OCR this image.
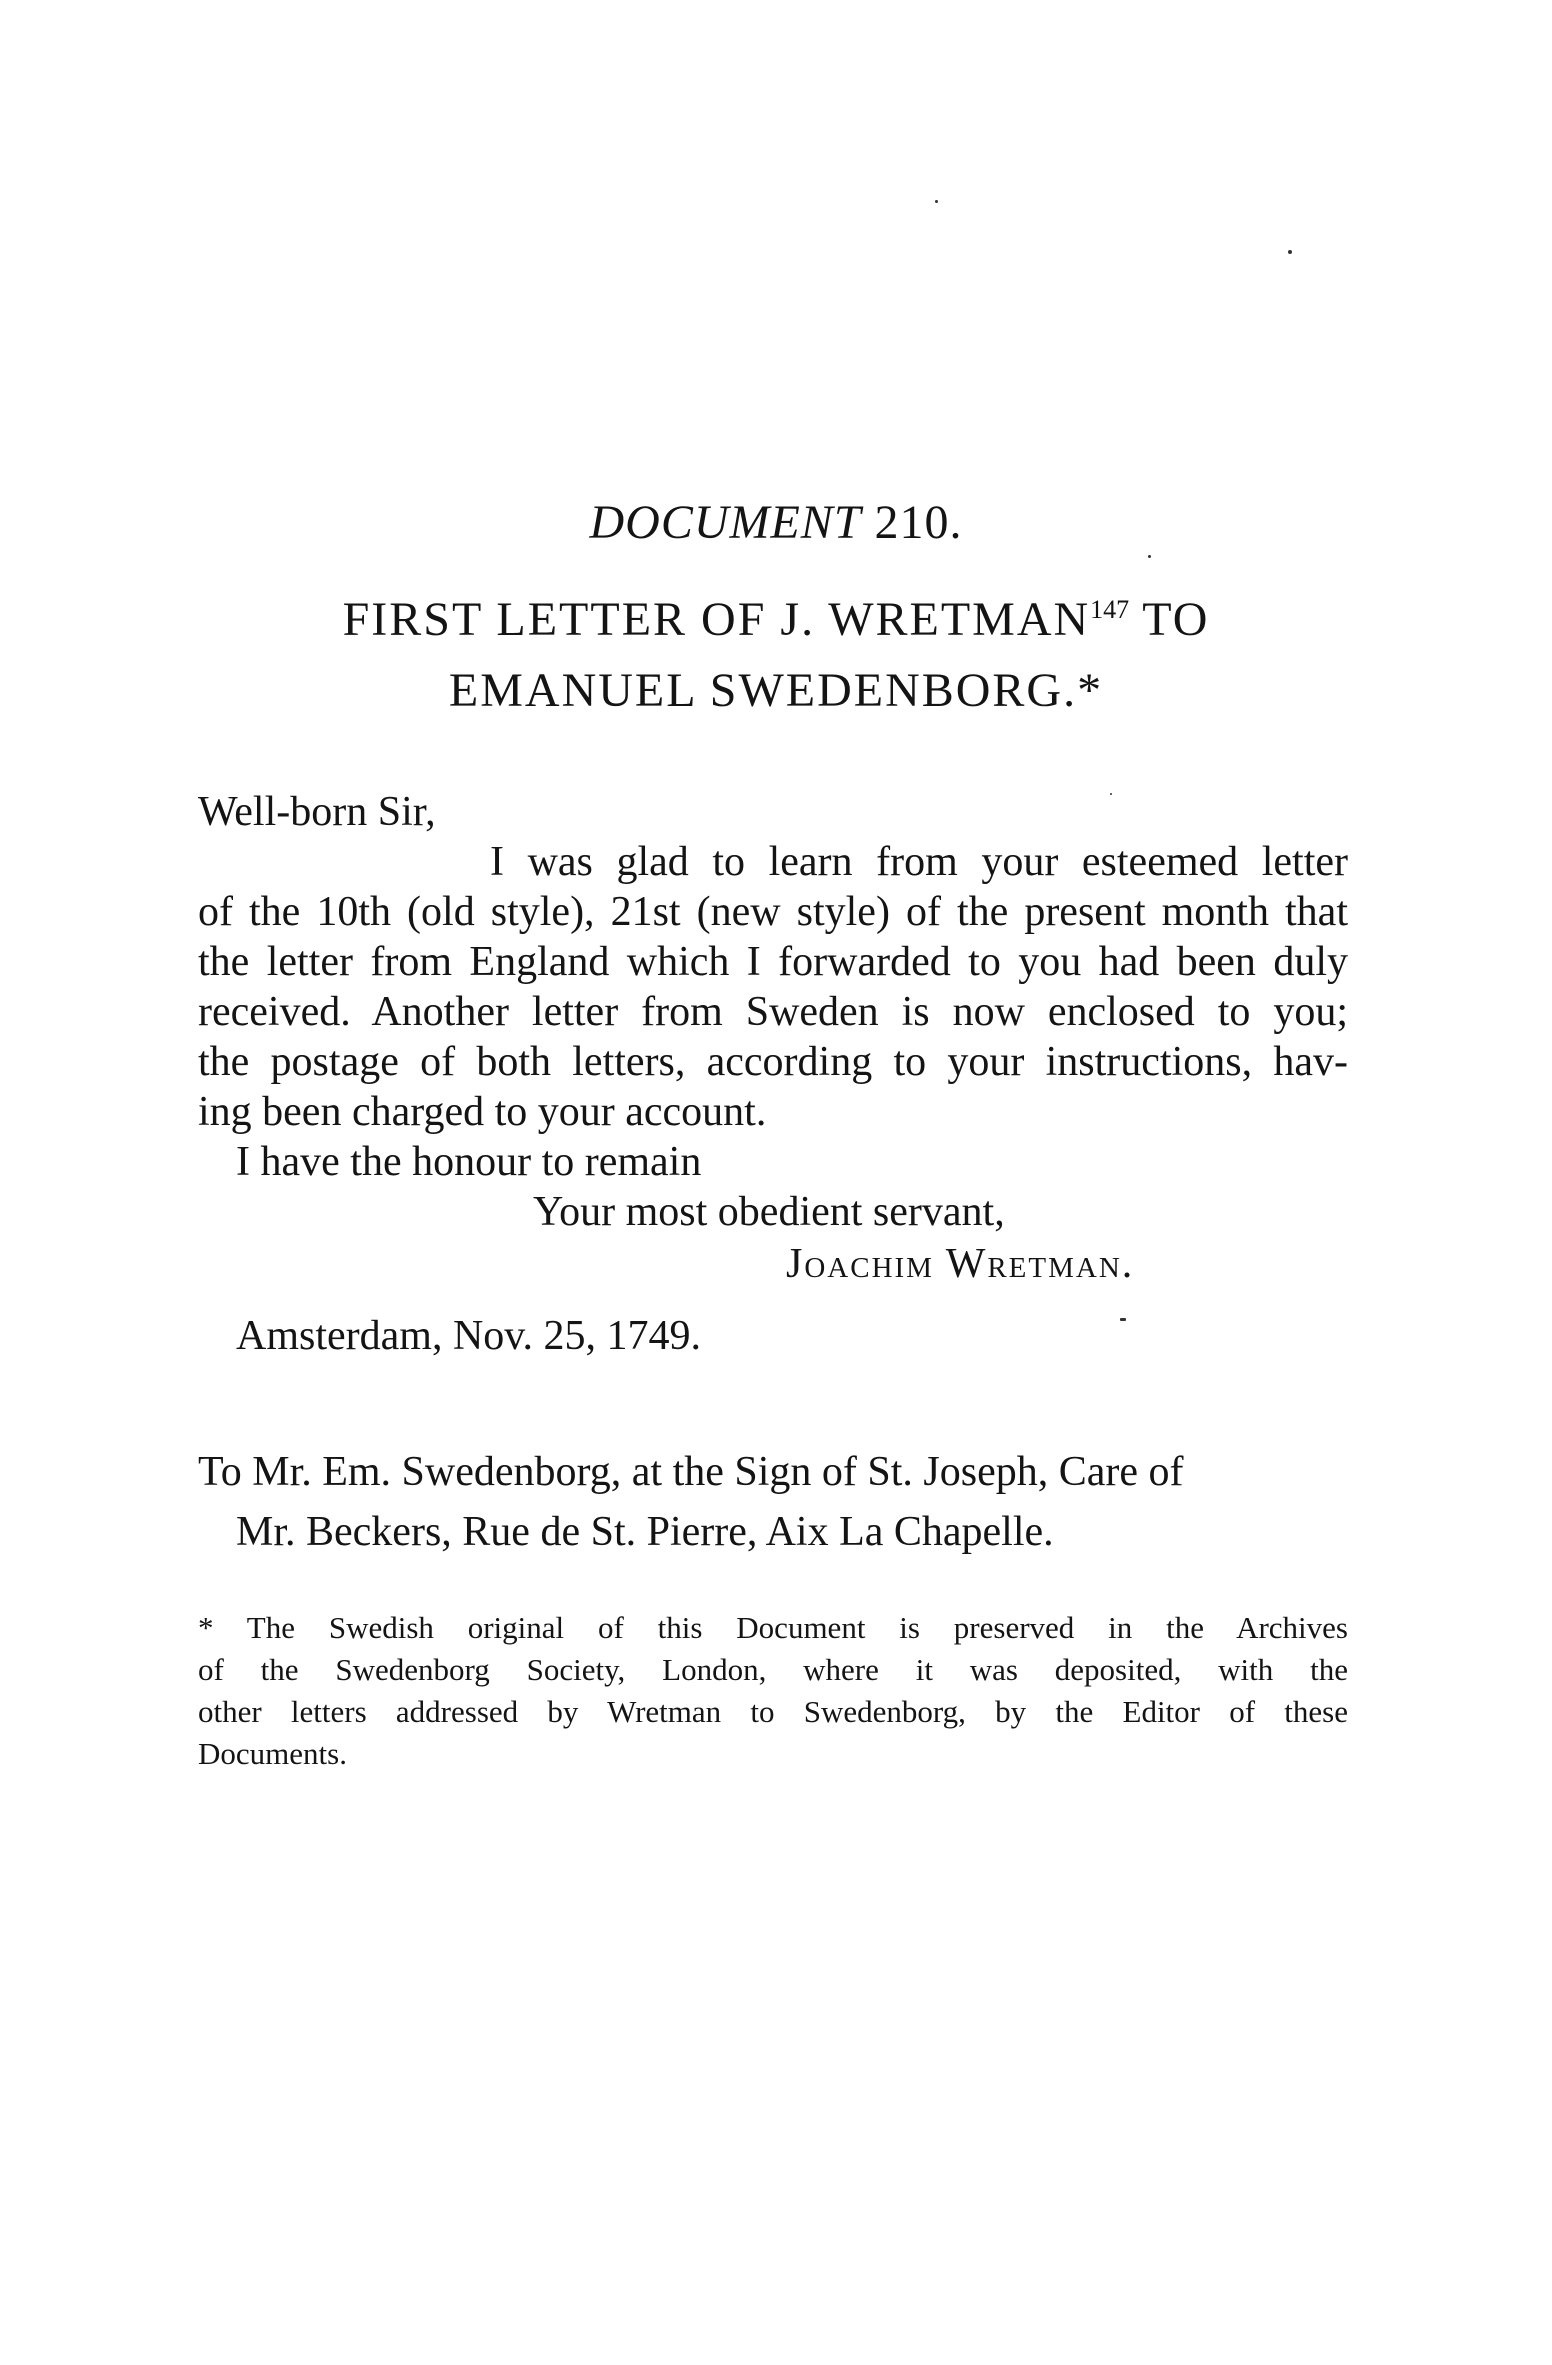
DOCUMENT 210.
FIRST LETTER OF J. WRETMAN$^{147}$ TO
EMANUEL SWEDENBORG.*
Well-born Sir,
I was glad to learn from your esteemed letter
of the 10th (old style), 21st (new style) of the present month that
the letter from England which I forwarded to you had been duly
received. Another letter from Sweden is now enclosed to you;
the postage of both letters, according to your instructions, hav-
ing been charged to your account.
I have the honour to remain
Your most obedient servant,
Joachim Wretman.
Amsterdam, Nov. 25, 1749.
To Mr. Em. Swedenborg, at the Sign of St. Joseph, Care of
Mr. Beckers, Rue de St. Pierre, Aix La Chapelle.
* The Swedish original of this Document is preserved in the Archives
of the Swedenborg Society, London, where it was deposited, with the
other letters addressed by Wretman to Swedenborg, by the Editor of these
Documents.
